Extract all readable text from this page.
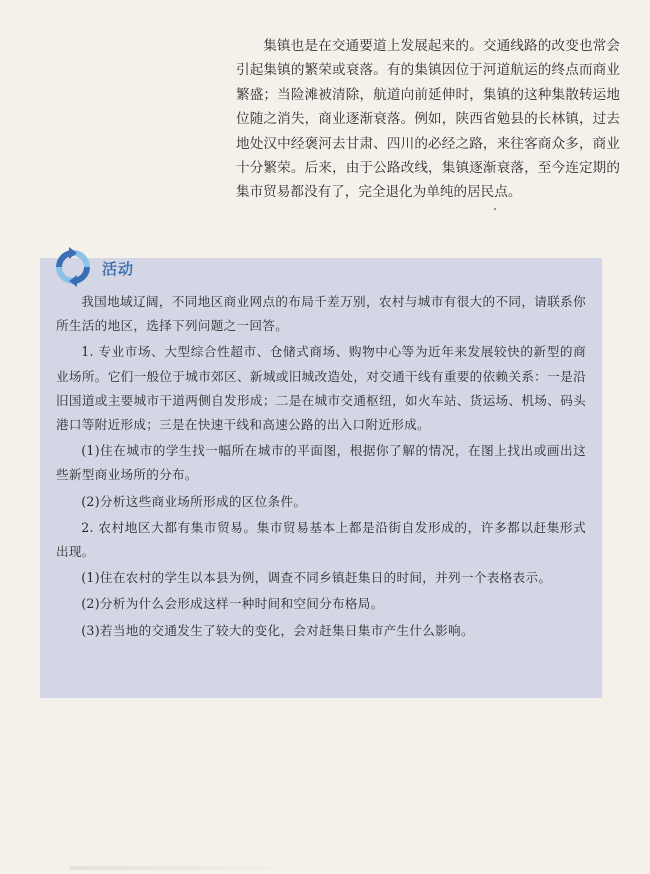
集镇也是在交通要道上发展起来的。交通线路的改变也常会引起集镇的繁荣或衰落。有的集镇因位于河道航运的终点而商业繁盛；当险滩被清除，航道向前延伸时，集镇的这种集散转运地位随之消失，商业逐渐衰落。例如，陕西省勉县的长林镇，过去地处汉中经褒河去甘肃、四川的必经之路，来往客商众多，商业十分繁荣。后来，由于公路改线，集镇逐渐衰落，至今连定期的集市贸易都没有了，完全退化为单纯的居民点。

活动

我国地域辽阔，不同地区商业网点的布局千差万别，农村与城市有很大的不同，请联系你所生活的地区，选择下列问题之一回答。

1. 专业市场、大型综合性超市、仓储式商场、购物中心等为近年来发展较快的新型的商业场所。它们一般位于城市郊区、新城或旧城改造处，对交通干线有重要的依赖关系：一是沿旧国道或主要城市干道两侧自发形成；二是在城市交通枢纽，如火车站、货运场、机场、码头港口等附近形成；三是在快速干线和高速公路的出入口附近形成。

(1)住在城市的学生找一幅所在城市的平面图，根据你了解的情况，在图上找出或画出这些新型商业场所的分布。

(2)分析这些商业场所形成的区位条件。

2. 农村地区大都有集市贸易。集市贸易基本上都是沿街自发形成的，许多都以赶集形式出现。

(1)住在农村的学生以本县为例，调查不同乡镇赶集日的时间，并列一个表格表示。

(2)分析为什么会形成这样一种时间和空间分布格局。

(3)若当地的交通发生了较大的变化，会对赶集日集市产生什么影响。
